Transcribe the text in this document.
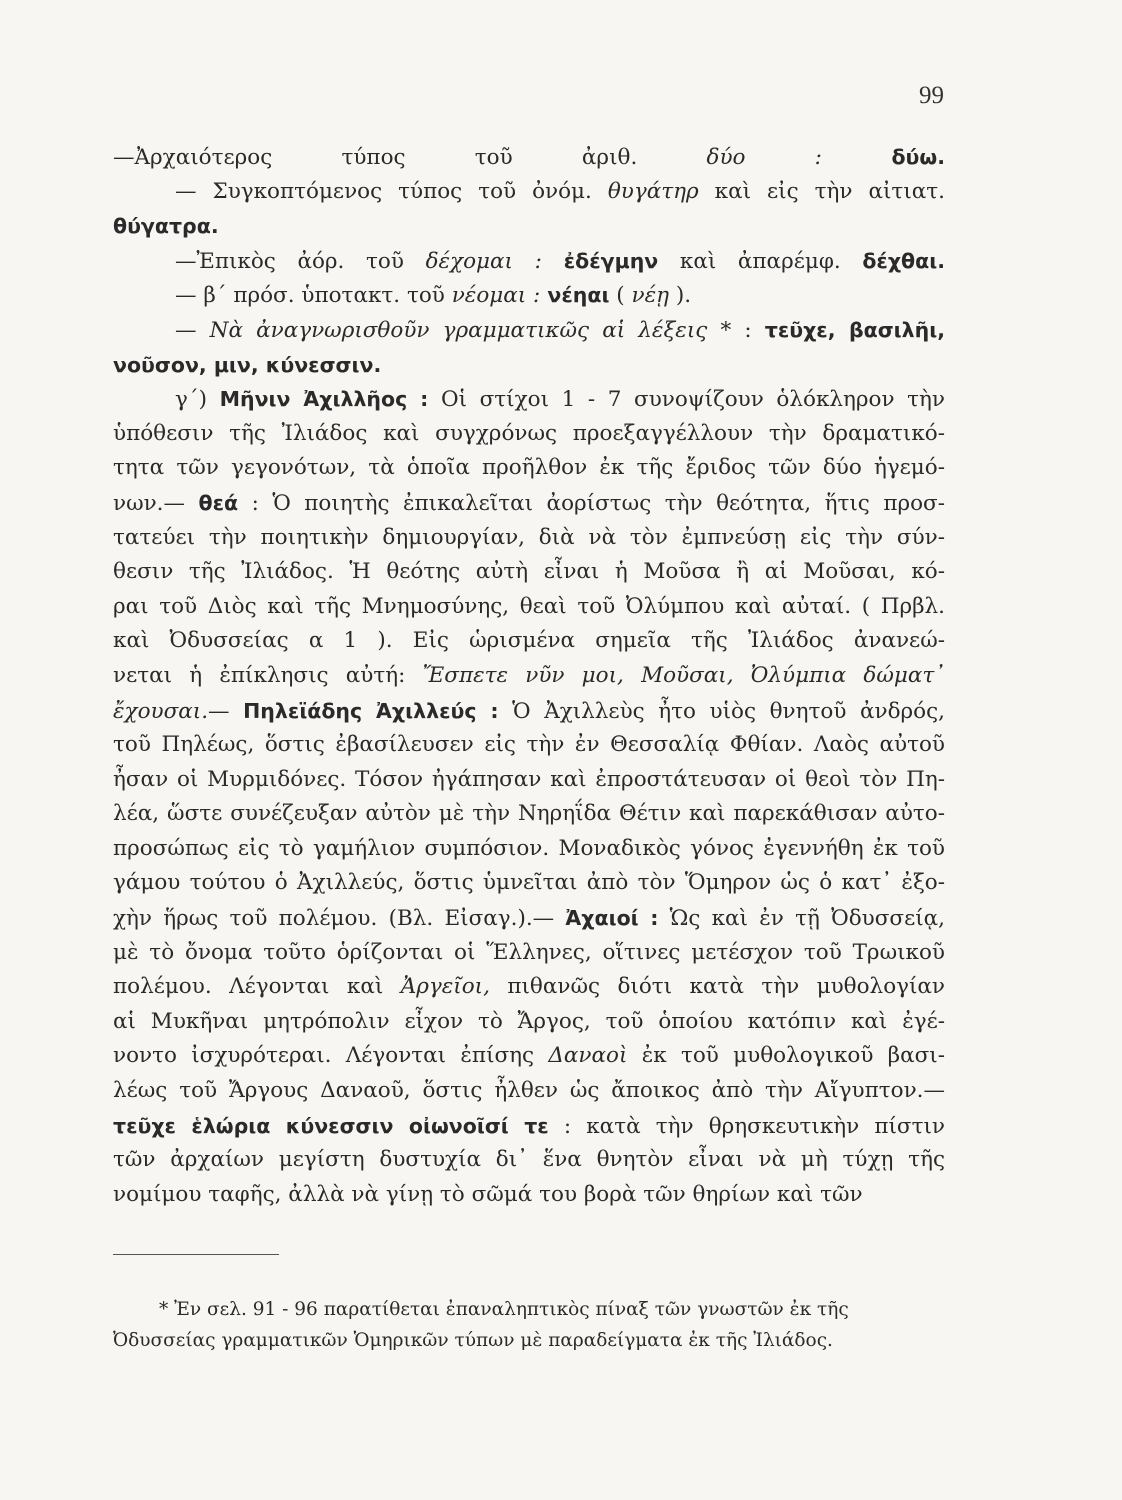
99
—Ἀρχαιότερος τύπος τοῦ ἀριθ. δύο : δύω.
— Συγκοπτόμενος τύπος τοῦ ὀνόμ. θυγάτηρ καὶ εἰς τὴν αἰτιατ.
θύγατρα.
—Ἐπικὸς ἀόρ. τοῦ δέχομαι : ἐδέγμην καὶ ἀπαρέμφ. δέχθαι.
— β΄ πρόσ. ὑποτακτ. τοῦ νέομαι : νέηαι ( νέῃ ).
— Νὰ ἀναγνωρισθοῦν γραμματικῶς αἱ λέξεις * : τεῦχε, βασιλῆι,
νοῦσον, μιν, κύνεσσιν.
γ΄) Μῆνιν Ἀχιλλῆος : Οἱ στίχοι 1 - 7 συνοψίζουν ὁλόκληρον τὴν
ὑπόθεσιν τῆς Ἰλιάδος καὶ συγχρόνως προεξαγγέλλουν τὴν δραματικό-
τητα τῶν γεγονότων, τὰ ὁποῖα προῆλθον ἐκ τῆς ἔριδος τῶν δύο ἡγεμό-
νων.— θεά : Ὁ ποιητὴς ἐπικαλεῖται ἀορίστως τὴν θεότητα, ἥτις προσ-
τατεύει τὴν ποιητικὴν δημιουργίαν, διὰ νὰ τὸν ἐμπνεύσῃ εἰς τὴν σύν-
θεσιν τῆς Ἰλιάδος. Ἡ θεότης αὐτὴ εἶναι ἡ Μοῦσα ἢ αἱ Μοῦσαι, κό-
ραι τοῦ Διὸς καὶ τῆς Μνημοσύνης, θεαὶ τοῦ Ὀλύμπου καὶ αὐταί. ( Πρβλ.
καὶ Ὀδυσσείας α 1 ). Εἰς ὡρισμένα σημεῖα τῆς Ἰλιάδος ἀνανεώ-
νεται ἡ ἐπίκλησις αὐτή: Ἔσπετε νῦν μοι, Μοῦσαι, Ὀλύμπια δώματ᾽
ἔχουσαι.— Πηλεϊάδης Ἀχιλλεύς : Ὁ Ἀχιλλεὺς ἦτο υἱὸς θνητοῦ ἀνδρός,
τοῦ Πηλέως, ὅστις ἐβασίλευσεν εἰς τὴν ἐν Θεσσαλίᾳ Φθίαν. Λαὸς αὐτοῦ
ἦσαν οἱ Μυρμιδόνες. Τόσον ἠγάπησαν καὶ ἐπροστάτευσαν οἱ θεοὶ τὸν Πη-
λέα, ὥστε συνέζευξαν αὐτὸν μὲ τὴν Νηρηΐδα Θέτιν καὶ παρεκάθισαν αὐτο-
προσώπως εἰς τὸ γαμήλιον συμπόσιον. Μοναδικὸς γόνος ἐγεννήθη ἐκ τοῦ
γάμου τούτου ὁ Ἀχιλλεύς, ὅστις ὑμνεῖται ἀπὸ τὸν Ὅμηρον ὡς ὁ κατ᾽ ἐξο-
χὴν ἥρως τοῦ πολέμου. (Βλ. Εἰσαγ.).— Ἀχαιοί : Ὡς καὶ ἐν τῇ Ὀδυσσείᾳ,
μὲ τὸ ὄνομα τοῦτο ὁρίζονται οἱ Ἕλληνες, οἵτινες μετέσχον τοῦ Τρωικοῦ
πολέμου. Λέγονται καὶ Ἀργεῖοι, πιθανῶς διότι κατὰ τὴν μυθολογίαν
αἱ Μυκῆναι μητρόπολιν εἶχον τὸ Ἄργος, τοῦ ὁποίου κατόπιν καὶ ἐγέ-
νοντο ἰσχυρότεραι. Λέγονται ἐπίσης Δαναοὶ ἐκ τοῦ μυθολογικοῦ βασι-
λέως τοῦ Ἄργους Δαναοῦ, ὅστις ἦλθεν ὡς ἄποικος ἀπὸ τὴν Αἴγυπτον.—
τεῦχε ἑλώρια κύνεσσιν οἰωνοῖσί τε : κατὰ τὴν θρησκευτικὴν πίστιν
τῶν ἀρχαίων μεγίστη δυστυχία δι᾽ ἕνα θνητὸν εἶναι νὰ μὴ τύχῃ τῆς
νομίμου ταφῆς, ἀλλὰ νὰ γίνῃ τὸ σῶμά του βορὰ τῶν θηρίων καὶ τῶν
* Ἐν σελ. 91 - 96 παρατίθεται ἐπαναληπτικὸς πίναξ τῶν γνωστῶν ἐκ τῆς
Ὀδυσσείας γραμματικῶν Ὁμηρικῶν τύπων μὲ παραδείγματα ἐκ τῆς Ἰλιάδος.
